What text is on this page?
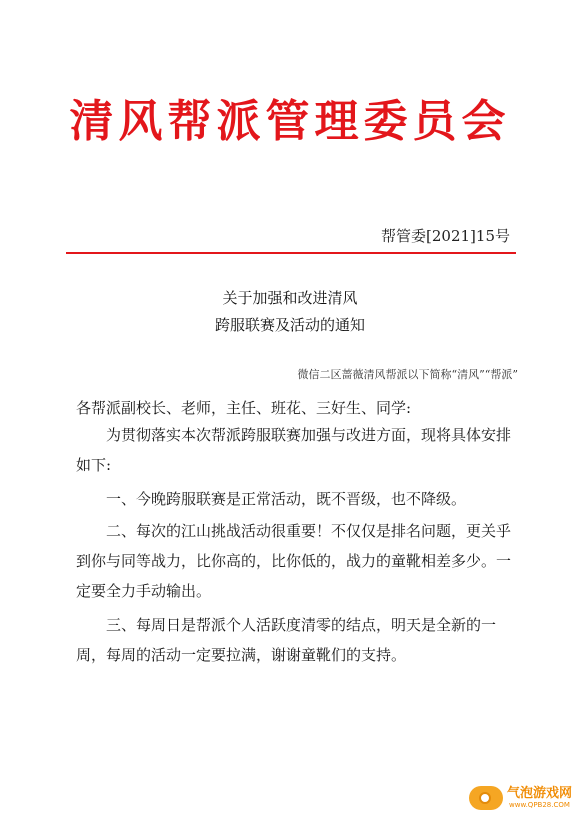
清风帮派管理委员会
帮管委[2021]15号
关于加强和改进清风
跨服联赛及活动的通知
微信二区蔷薇清风帮派以下简称“清风”“帮派”
各帮派副校长、老师，主任、班花、三好生、同学:
为贯彻落实本次帮派跨服联赛加强与改进方面，现将具体安排如下:
一、今晚跨服联赛是正常活动，既不晋级，也不降级。
二、每次的江山挑战活动很重要！不仅仅是排名问题，更关乎到你与同等战力，比你高的，比你低的，战力的童靴相差多少。一定要全力手动输出。
三、每周日是帮派个人活跃度清零的结点，明天是全新的一周，每周的活动一定要拉满，谢谢童靴们的支持。
气泡游戏网
www.QPB28.COM
